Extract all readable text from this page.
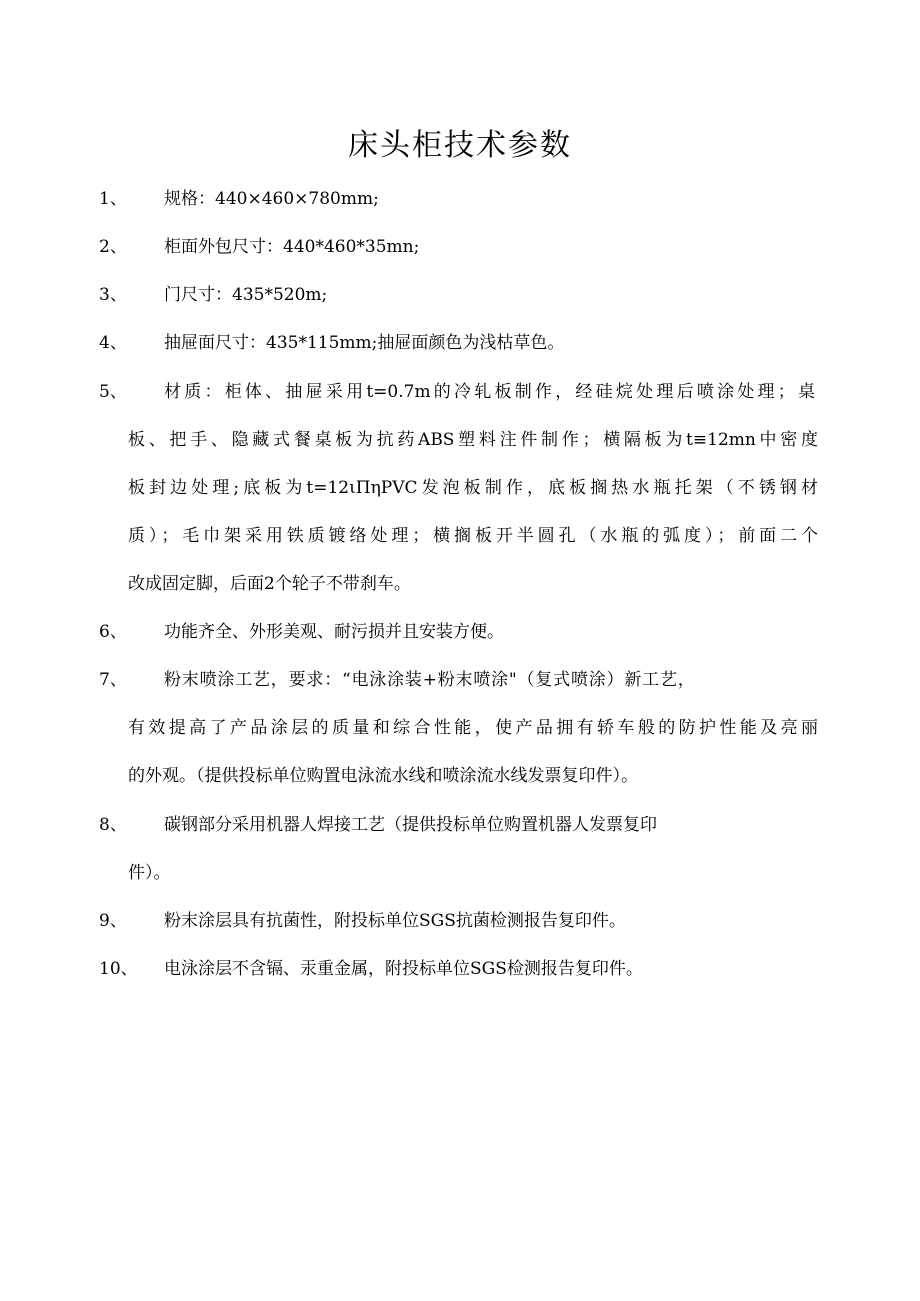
床头柜技术参数
1、 规格：440×460×780mm;
2、 柜面外包尺寸：440*460*35mn;
3、 门尺寸：435*520m;
4、 抽屉面尺寸：435*115mm;抽屉面颜色为浅枯草色。
5、 材质：柜体、抽屉采用t=0.7m的冷轧板制作，经硅烷处理后喷涂处理；桌
板、把手、隐藏式餐桌板为抗药ABS塑料注件制作；横隔板为t≡12mn中密度
板封边处理;底板为t=12ιΠηPVC发泡板制作，底板搁热水瓶托架（不锈钢材
质）；毛巾架采用铁质镀络处理；横搁板开半圆孔（水瓶的弧度）；前面二个
改成固定脚，后面2个轮子不带刹车。
6、 功能齐全、外形美观、耐污损并且安装方便。
7、 粉末喷涂工艺，要求：“电泳涂装+粉末喷涂"（复式喷涂）新工艺，
有效提高了产品涂层的质量和综合性能，使产品拥有轿车般的防护性能及亮丽
的外观。（提供投标单位购置电泳流水线和喷涂流水线发票复印件）。
8、 碳钢部分采用机器人焊接工艺（提供投标单位购置机器人发票复印
件）。
9、 粉末涂层具有抗菌性，附投标单位SGS抗菌检测报告复印件。
10、 电泳涂层不含镉、汞重金属，附投标单位SGS检测报告复印件。
